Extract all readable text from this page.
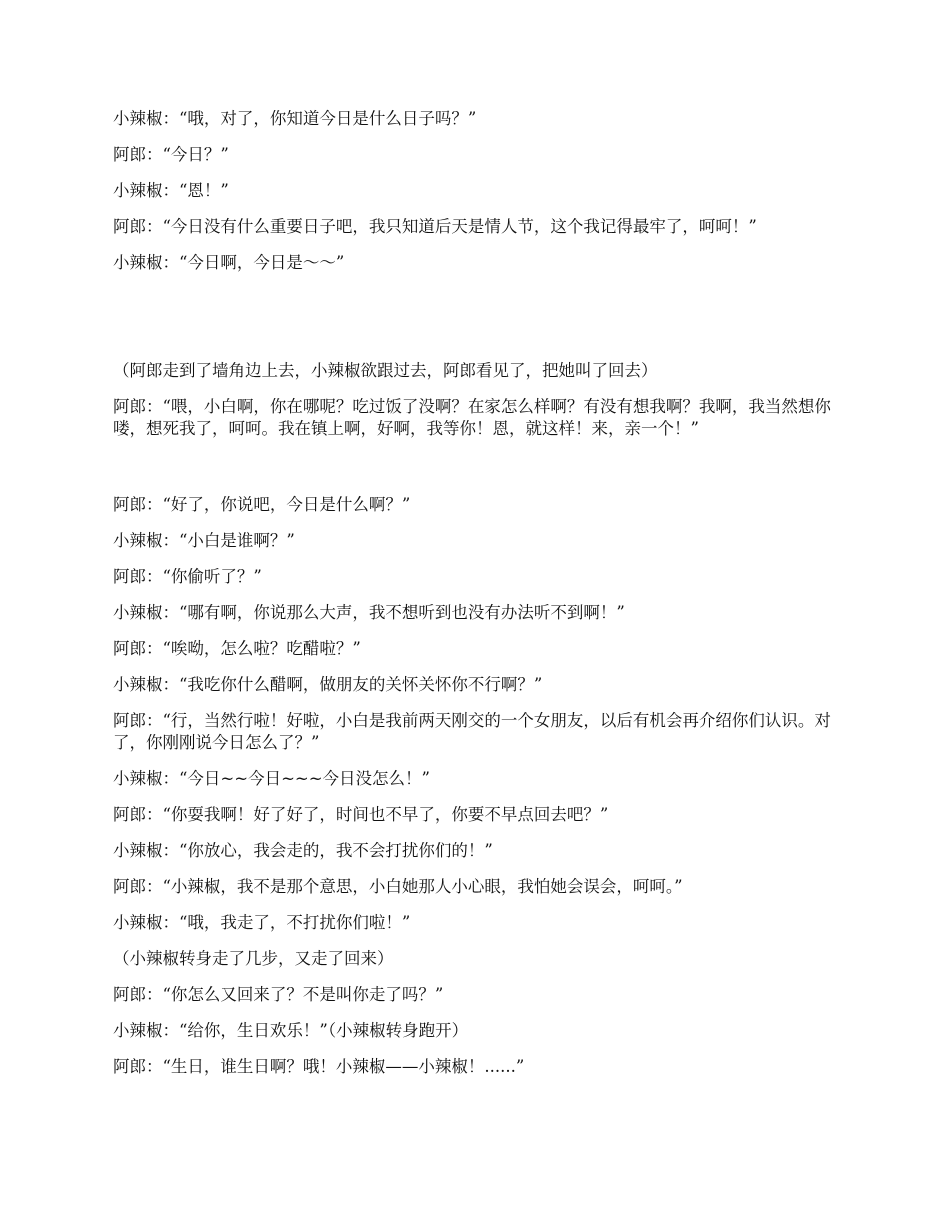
小辣椒：“哦，对了，你知道今日是什么日子吗？”

阿郎：“今日？”

小辣椒：“恩！”

阿郎：“今日没有什么重要日子吧，我只知道后天是情人节，这个我记得最牢了，呵呵！”

小辣椒：“今日啊，今日是～～”

（阿郎走到了墙角边上去，小辣椒欲跟过去，阿郎看见了，把她叫了回去）

阿郎：“喂，小白啊，你在哪呢？吃过饭了没啊？在家怎么样啊？有没有想我啊？我啊，我当然想你喽，想死我了，呵呵。我在镇上啊，好啊，我等你！恩，就这样！来，亲一个！”

阿郎：“好了，你说吧，今日是什么啊？”

小辣椒：“小白是谁啊？”

阿郎：“你偷听了？”

小辣椒：“哪有啊，你说那么大声，我不想听到也没有办法听不到啊！”

阿郎：“唉呦，怎么啦？吃醋啦？”

小辣椒：“我吃你什么醋啊，做朋友的关怀关怀你不行啊？”

阿郎：“行，当然行啦！好啦，小白是我前两天刚交的一个女朋友，以后有机会再介绍你们认识。对了，你刚刚说今日怎么了？”

小辣椒：“今日~~今日~~~今日没怎么！”

阿郎：“你耍我啊！好了好了，时间也不早了，你要不早点回去吧？”

小辣椒：“你放心，我会走的，我不会打扰你们的！”

阿郎：“小辣椒，我不是那个意思，小白她那人小心眼，我怕她会误会，呵呵。”

小辣椒：“哦，我走了，不打扰你们啦！”

（小辣椒转身走了几步，又走了回来）

阿郎：“你怎么又回来了？不是叫你走了吗？”

小辣椒：“给你，生日欢乐！”（小辣椒转身跑开）

阿郎：“生日，谁生日啊？哦！小辣椒——小辣椒！......”
